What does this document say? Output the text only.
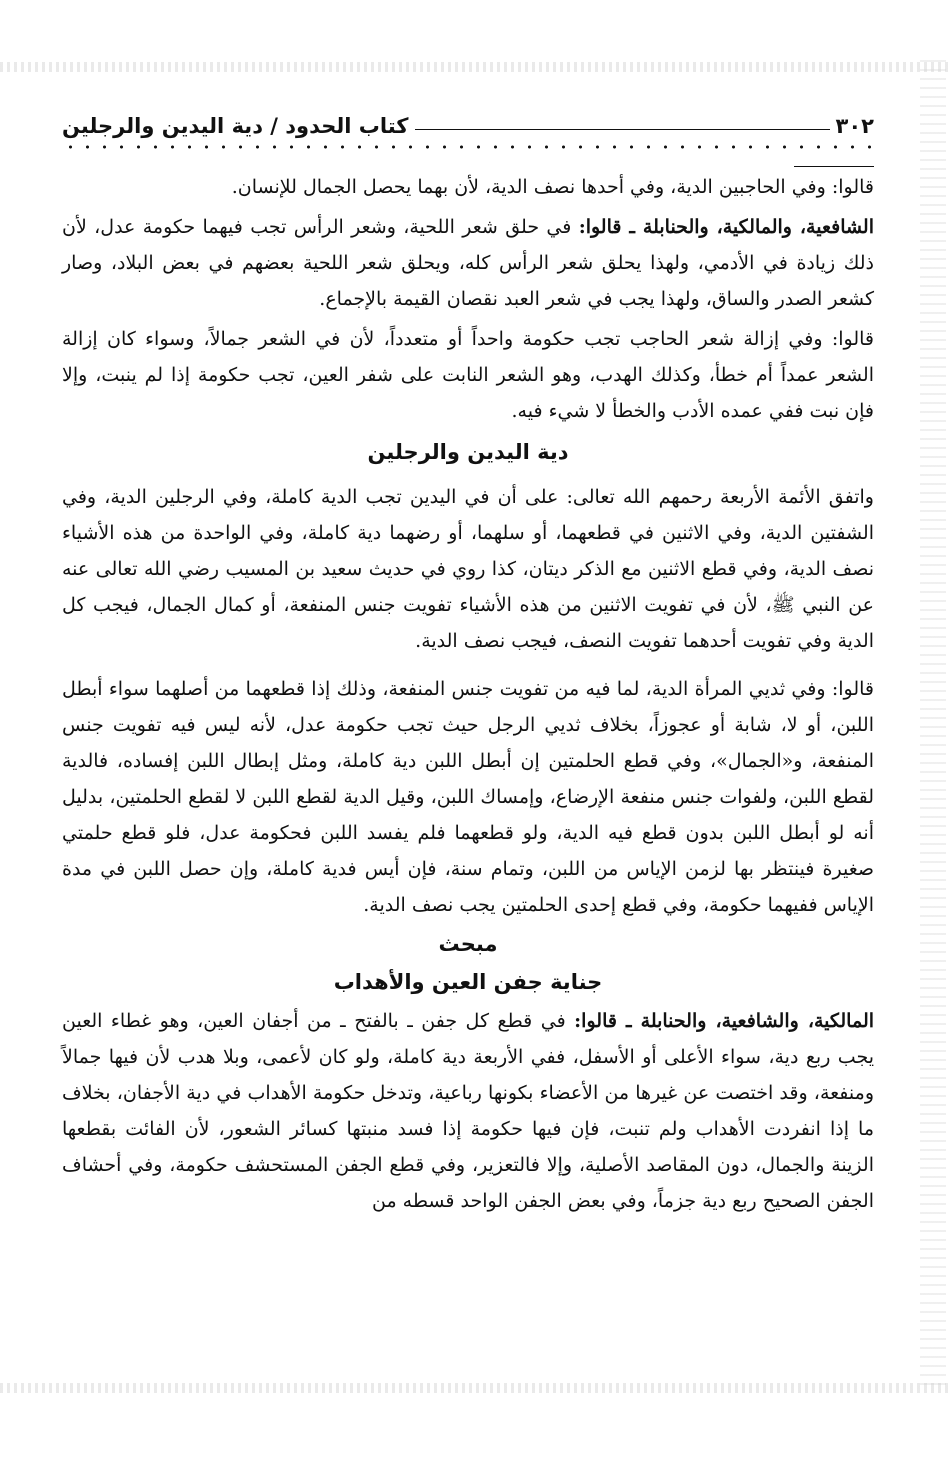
٣٠٢
كتاب الحدود / دية اليدين والرجلين

قالوا: وفي الحاجبين الدية، وفي أحدها نصف الدية، لأن بهما يحصل الجمال للإنسان.

الشافعية، والمالكية، والحنابلة ـ قالوا: في حلق شعر اللحية، وشعر الرأس تجب فيهما حكومة عدل، لأن ذلك زيادة في الأدمي، ولهذا يحلق شعر الرأس كله، ويحلق شعر اللحية بعضهم في بعض البلاد، وصار كشعر الصدر والساق، ولهذا يجب في شعر العبد نقصان القيمة بالإجماع.

قالوا: وفي إزالة شعر الحاجب تجب حكومة واحداً أو متعدداً، لأن في الشعر جمالاً، وسواء كان إزالة الشعر عمداً أم خطأ، وكذلك الهدب، وهو الشعر النابت على شفر العين، تجب حكومة إذا لم ينبت، وإلا فإن نبت ففي عمده الأدب والخطأ لا شيء فيه.

دية اليدين والرجلين

واتفق الأئمة الأربعة رحمهم الله تعالى: على أن في اليدين تجب الدية كاملة، وفي الرجلين الدية، وفي الشفتين الدية، وفي الاثنين في قطعهما، أو سلهما، أو رضهما دية كاملة، وفي الواحدة من هذه الأشياء نصف الدية، وفي قطع الاثنين مع الذكر ديتان، كذا روي في حديث سعيد بن المسيب رضي الله تعالى عنه عن النبي ﷺ، لأن في تفويت الاثنين من هذه الأشياء تفويت جنس المنفعة، أو كمال الجمال، فيجب كل الدية وفي تفويت أحدهما تفويت النصف، فيجب نصف الدية.

قالوا: وفي ثديي المرأة الدية، لما فيه من تفويت جنس المنفعة، وذلك إذا قطعهما من أصلهما سواء أبطل اللبن، أو لا، شابة أو عجوزاً، بخلاف ثديي الرجل حيث تجب حكومة عدل، لأنه ليس فيه تفويت جنس المنفعة، و«الجمال»، وفي قطع الحلمتين إن أبطل اللبن دية كاملة، ومثل إبطال اللبن إفساده، فالدية لقطع اللبن، ولفوات جنس منفعة الإرضاع، وإمساك اللبن، وقيل الدية لقطع اللبن لا لقطع الحلمتين، بدليل أنه لو أبطل اللبن بدون قطع فيه الدية، ولو قطعهما فلم يفسد اللبن فحكومة عدل، فلو قطع حلمتي صغيرة فينتظر بها لزمن الإياس من اللبن، وتمام سنة، فإن أيس فدية كاملة، وإن حصل اللبن في مدة الإياس ففيهما حكومة، وفي قطع إحدى الحلمتين يجب نصف الدية.

مبحث
جناية جفن العين والأهداب

المالكية، والشافعية، والحنابلة ـ قالوا: في قطع كل جفن ـ بالفتح ـ من أجفان العين، وهو غطاء العين يجب ربع دية، سواء الأعلى أو الأسفل، ففي الأربعة دية كاملة، ولو كان لأعمى، وبلا هدب لأن فيها جمالاً ومنفعة، وقد اختصت عن غيرها من الأعضاء بكونها رباعية، وتدخل حكومة الأهداب في دية الأجفان، بخلاف ما إذا انفردت الأهداب ولم تنبت، فإن فيها حكومة إذا فسد منبتها كسائر الشعور، لأن الفائت بقطعها الزينة والجمال، دون المقاصد الأصلية، وإلا فالتعزير، وفي قطع الجفن المستحشف حكومة، وفي أحشاف الجفن الصحيح ربع دية جزماً، وفي بعض الجفن الواحد قسطه من
